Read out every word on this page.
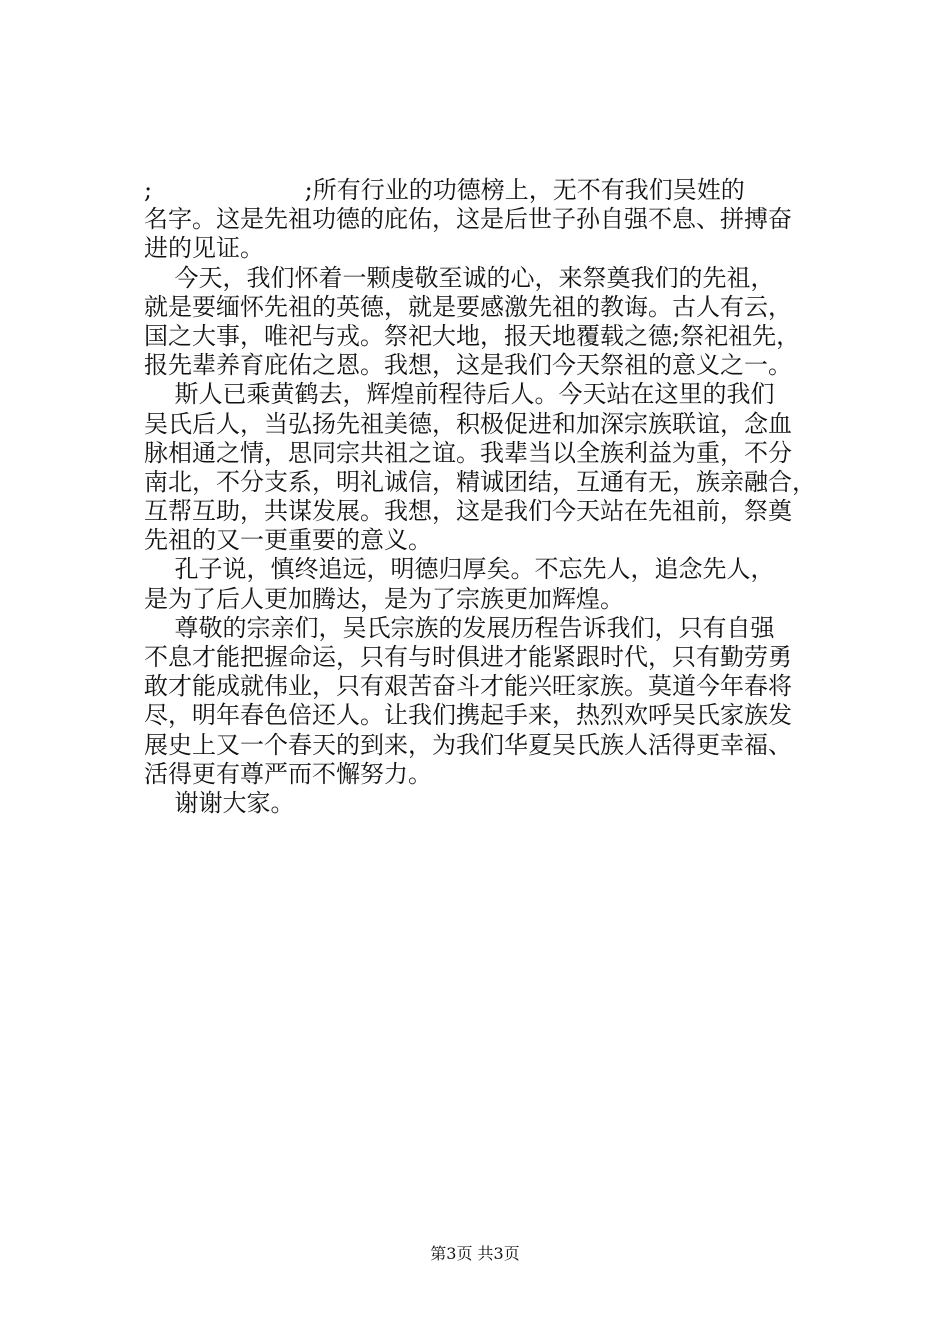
;                    ;所有行业的功德榜上，无不有我们吴姓的
名字。这是先祖功德的庇佑，这是后世子孙自强不息、拼搏奋
进的见证。
今天，我们怀着一颗虔敬至诚的心，来祭奠我们的先祖，
就是要缅怀先祖的英德，就是要感激先祖的教诲。古人有云，
国之大事，唯祀与戎。祭祀大地，报天地覆载之德;祭祀祖先，
报先辈养育庇佑之恩。我想，这是我们今天祭祖的意义之一。
斯人已乘黄鹤去，辉煌前程待后人。今天站在这里的我们
吴氏后人，当弘扬先祖美德，积极促进和加深宗族联谊，念血
脉相通之情，思同宗共祖之谊。我辈当以全族利益为重，不分
南北，不分支系，明礼诚信，精诚团结，互通有无，族亲融合，
互帮互助，共谋发展。我想，这是我们今天站在先祖前，祭奠
先祖的又一更重要的意义。
孔子说，慎终追远，明德归厚矣。不忘先人，追念先人，
是为了后人更加腾达，是为了宗族更加辉煌。
尊敬的宗亲们，吴氏宗族的发展历程告诉我们，只有自强
不息才能把握命运，只有与时俱进才能紧跟时代，只有勤劳勇
敢才能成就伟业，只有艰苦奋斗才能兴旺家族。莫道今年春将
尽，明年春色倍还人。让我们携起手来，热烈欢呼吴氏家族发
展史上又一个春天的到来，为我们华夏吴氏族人活得更幸福、
活得更有尊严而不懈努力。
谢谢大家。
第3页 共3页
